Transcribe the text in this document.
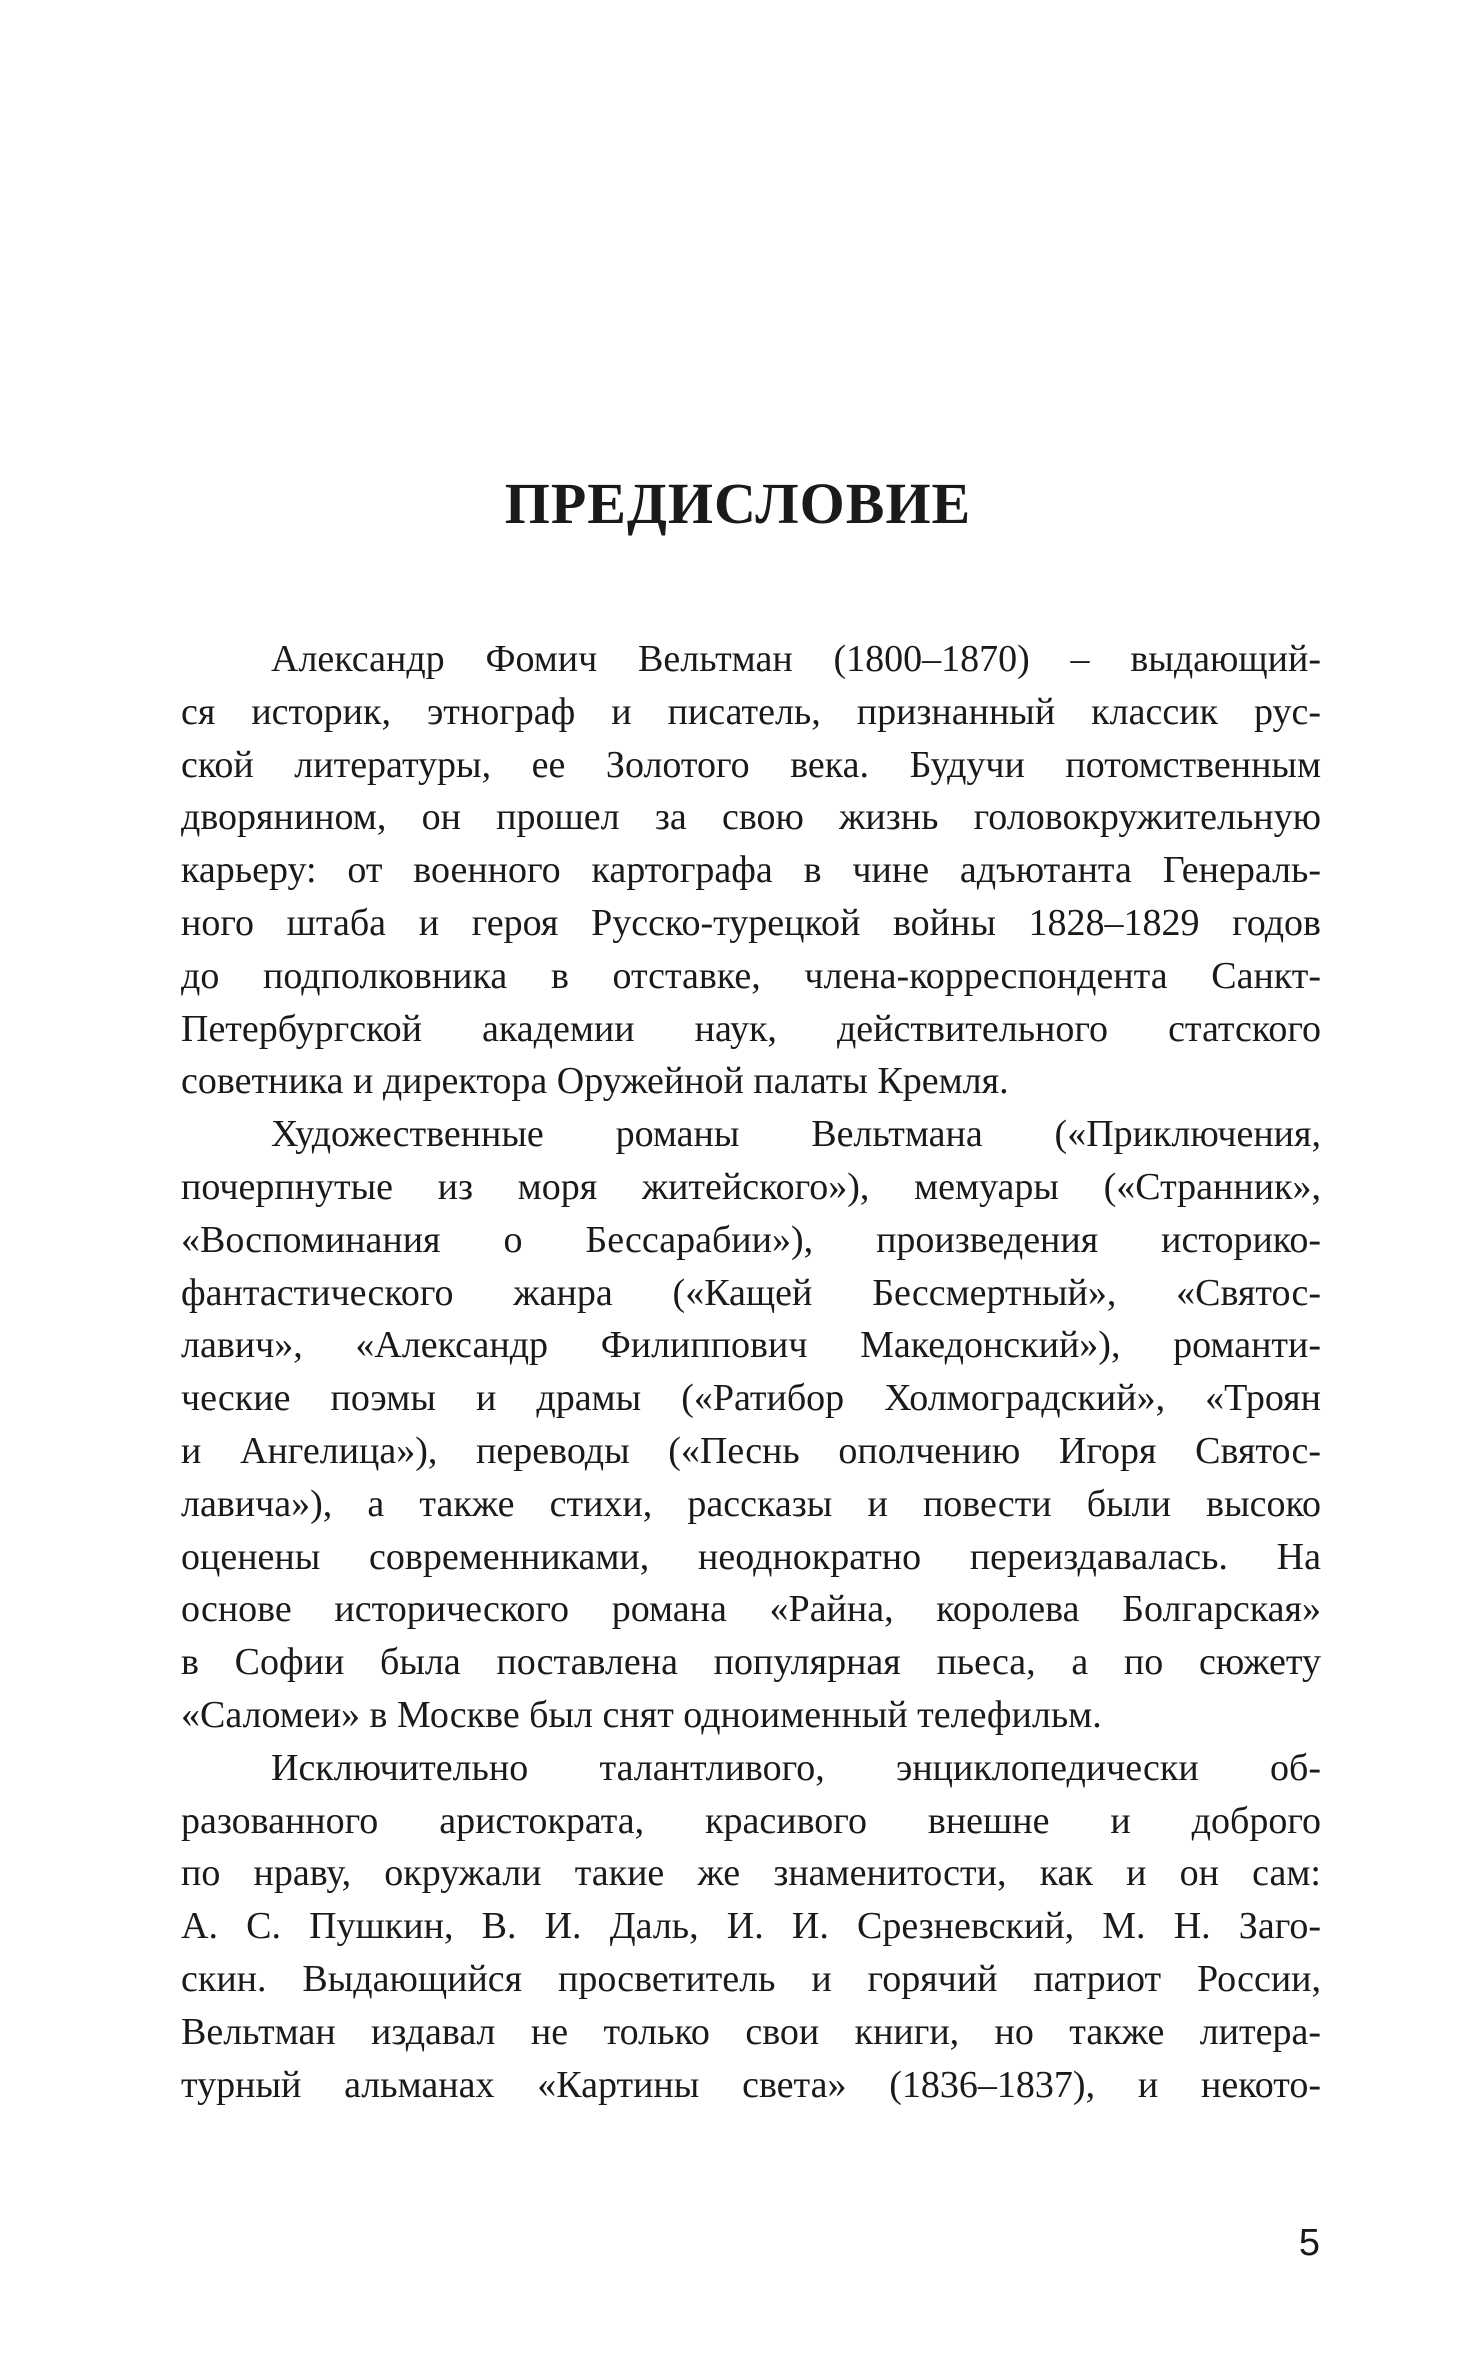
ПРЕДИСЛОВИЕ
Александр Фомич Вельтман (1800–1870) – выдающий-
ся историк, этнограф и писатель, признанный классик рус-
ской литературы, ее Золотого века. Будучи потомственным
дворянином, он прошел за свою жизнь головокружительную
карьеру: от военного картографа в чине адъютанта Генераль-
ного штаба и героя Русско-турецкой войны 1828–1829 годов
до подполковника в отставке, члена-корреспондента Санкт-
Петербургской академии наук, действительного статского
советника и директора Оружейной палаты Кремля.
Художественные романы Вельтмана («Приключения,
почерпнутые из моря житейского»), мемуары («Странник»,
«Воспоминания о Бессарабии»), произведения историко-
фантастического жанра («Кащей Бессмертный», «Святос-
лавич», «Александр Филиппович Македонский»), романти-
ческие поэмы и драмы («Ратибор Холмоградский», «Троян
и Ангелица»), переводы («Песнь ополчению Игоря Святос-
лавича»), а также стихи, рассказы и повести были высоко
оценены современниками, неоднократно переиздавалась. На
основе исторического романа «Райна, королева Болгарская»
в Софии была поставлена популярная пьеса, а по сюжету
«Саломеи» в Москве был снят одноименный телефильм.
Исключительно талантливого, энциклопедически об-
разованного аристократа, красивого внешне и доброго
по нраву, окружали такие же знаменитости, как и он сам:
А. С. Пушкин, В. И. Даль, И. И. Срезневский, М. Н. Заго-
скин. Выдающийся просветитель и горячий патриот России,
Вельтман издавал не только свои книги, но также литера-
турный альманах «Картины света» (1836–1837), и некото-
5
